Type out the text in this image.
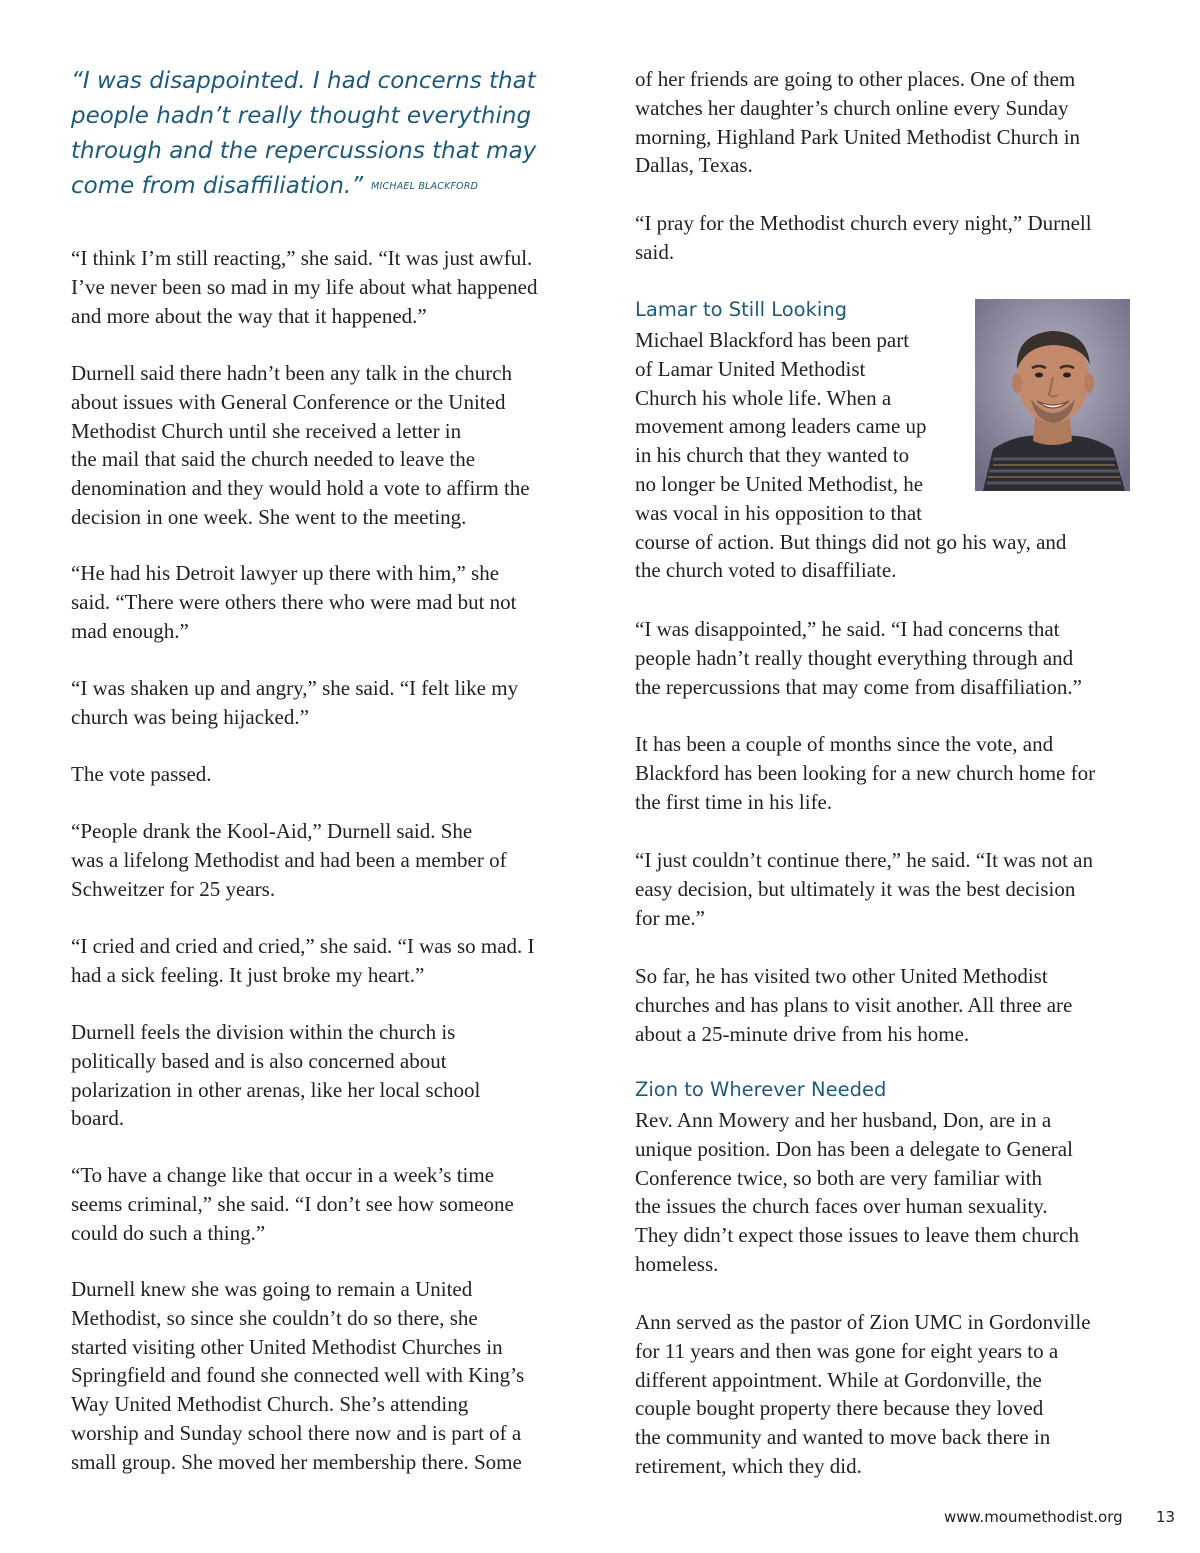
“I was disappointed. I had concerns that
people hadn’t really thought everything
through and the repercussions that may
come from disaffiliation.” MICHAEL BLACKFORD

“I think I’m still reacting,” she said. “It was just awful.
I’ve never been so mad in my life about what happened
and more about the way that it happened.”

Durnell said there hadn’t been any talk in the church
about issues with General Conference or the United
Methodist Church until she received a letter in
the mail that said the church needed to leave the
denomination and they would hold a vote to affirm the
decision in one week. She went to the meeting.

“He had his Detroit lawyer up there with him,” she
said. “There were others there who were mad but not
mad enough.”

“I was shaken up and angry,” she said. “I felt like my
church was being hijacked.”

The vote passed.

“People drank the Kool-Aid,” Durnell said. She
was a lifelong Methodist and had been a member of
Schweitzer for 25 years.

“I cried and cried and cried,” she said. “I was so mad. I
had a sick feeling. It just broke my heart.”

Durnell feels the division within the church is
politically based and is also concerned about
polarization in other arenas, like her local school
board.

“To have a change like that occur in a week’s time
seems criminal,” she said. “I don’t see how someone
could do such a thing.”

Durnell knew she was going to remain a United
Methodist, so since she couldn’t do so there, she
started visiting other United Methodist Churches in
Springfield and found she connected well with King’s
Way United Methodist Church. She’s attending
worship and Sunday school there now and is part of a
small group. She moved her membership there. Some

of her friends are going to other places. One of them
watches her daughter’s church online every Sunday
morning, Highland Park United Methodist Church in
Dallas, Texas.

“I pray for the Methodist church every night,” Durnell
said.

Lamar to Still Looking

Michael Blackford has been part
of Lamar United Methodist
Church his whole life. When a
movement among leaders came up
in his church that they wanted to
no longer be United Methodist, he
was vocal in his opposition to that
course of action. But things did not go his way, and
the church voted to disaffiliate.

“I was disappointed,” he said. “I had concerns that
people hadn’t really thought everything through and
the repercussions that may come from disaffiliation.”

It has been a couple of months since the vote, and
Blackford has been looking for a new church home for
the first time in his life.

“I just couldn’t continue there,” he said. “It was not an
easy decision, but ultimately it was the best decision
for me.”

So far, he has visited two other United Methodist
churches and has plans to visit another. All three are
about a 25-minute drive from his home.

Zion to Wherever Needed

Rev. Ann Mowery and her husband, Don, are in a
unique position. Don has been a delegate to General
Conference twice, so both are very familiar with
the issues the church faces over human sexuality.
They didn’t expect those issues to leave them church
homeless.

Ann served as the pastor of Zion UMC in Gordonville
for 11 years and then was gone for eight years to a
different appointment. While at Gordonville, the
couple bought property there because they loved
the community and wanted to move back there in
retirement, which they did.

www.moumethodist.org 13
